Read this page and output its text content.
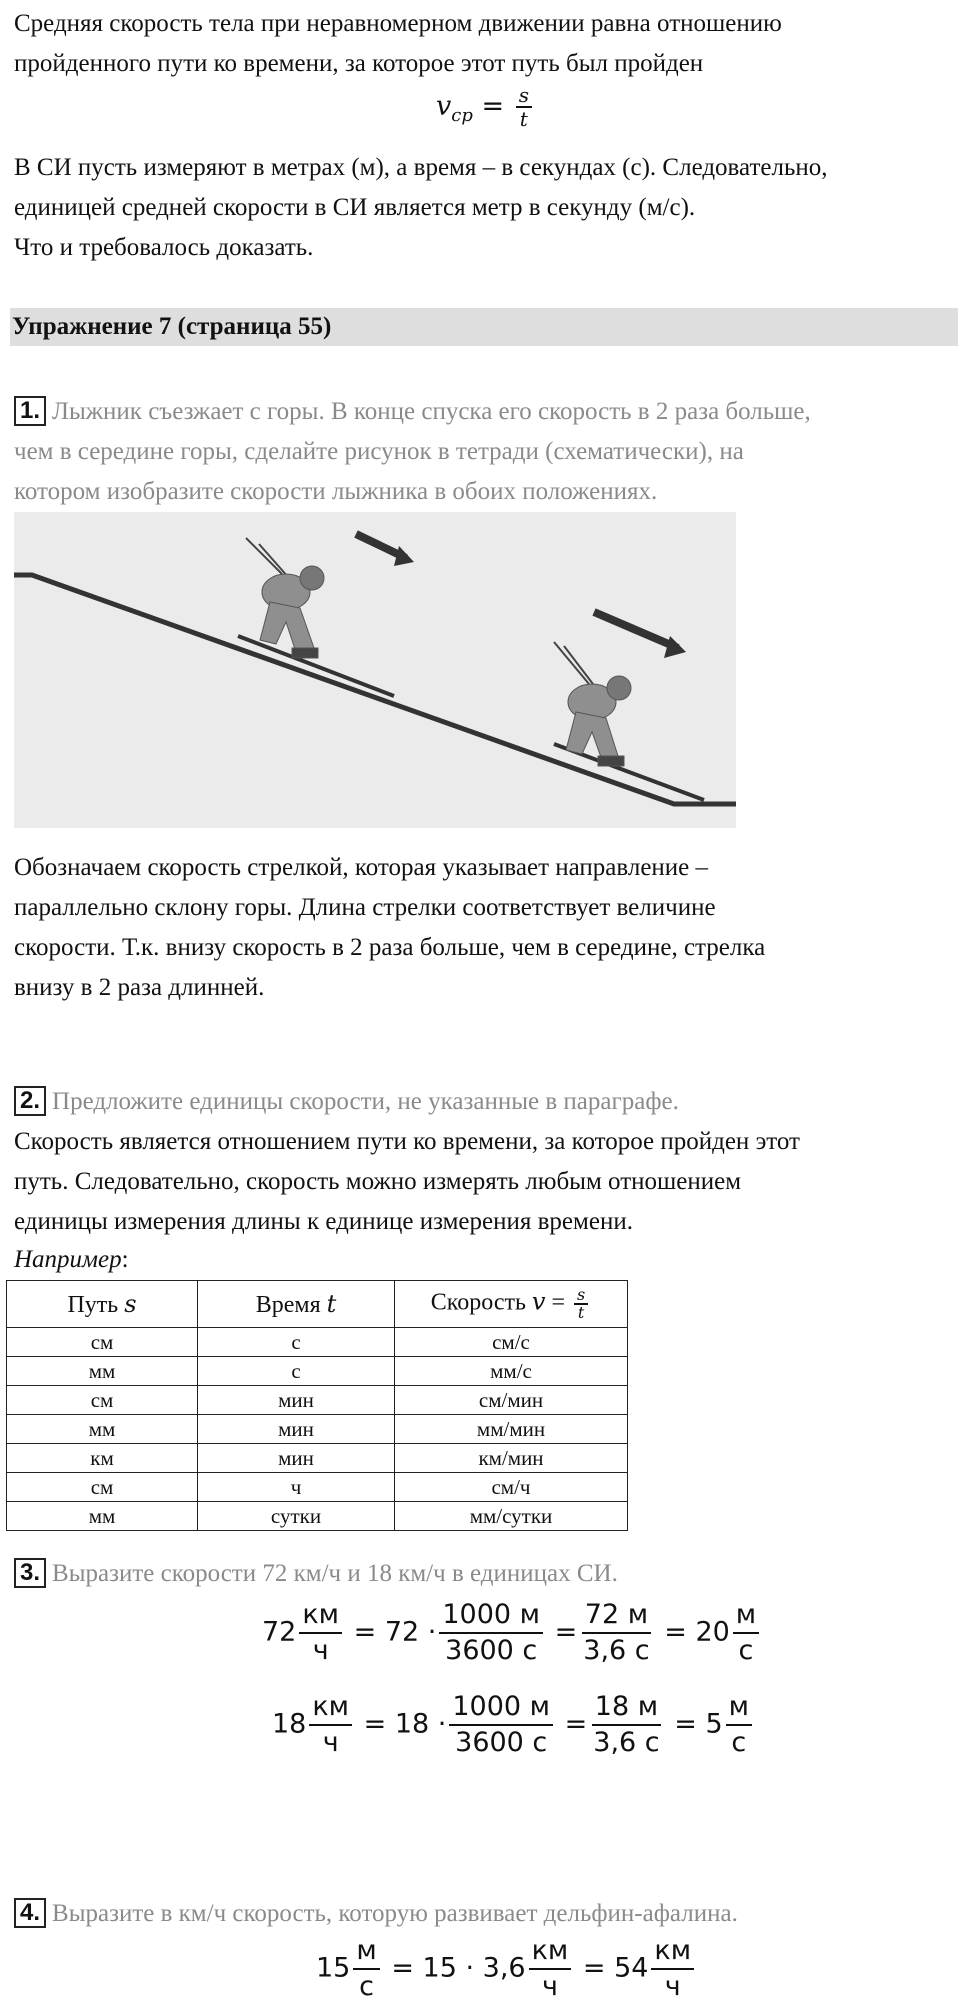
Средняя скорость тела при неравномерном движении равна отношению

пройденного пути ко времени, за которое этот путь был пройден

$v_{ср} = \frac{s}{t}$

В СИ пусть измеряют в метрах (м), а время – в секундах (с). Следовательно,

единицей средней скорости в СИ является метр в секунду (м/с).

Что и требовалось доказать.

Упражнение 7 (страница 55)

1. Лыжник съезжает с горы. В конце спуска его скорость в 2 раза больше,

чем в середине горы, сделайте рисунок в тетради (схематически), на

котором изобразите скорости лыжника в обоих положениях.

Обозначаем скорость стрелкой, которая указывает направление –

параллельно склону горы. Длина стрелки соответствует величине

скорости. Т.к. внизу скорость в 2 раза больше, чем в середине, стрелка

внизу в 2 раза длинней.

2. Предложите единицы скорости, не указанные в параграфе.

Скорость является отношением пути ко времени, за которое пройден этот

путь. Следовательно, скорость можно измерять любым отношением

единицы измерения длины к единице измерения времени.

Например:

Путь s	Время t	Скорость $v = \frac{s}{t}$

см	с	см/с
мм	с	мм/с
см	мин	см/мин
мм	мин	мм/мин
км	мин	км/мин
см	ч	см/ч
мм	сутки	мм/сутки

3. Выразите скорости 72 км/ч и 18 км/ч в единицах СИ.

$72 \frac{км}{ч} = 72 \cdot \frac{1000 м}{3600 с} = \frac{72 м}{3,6 с} = 20 \frac{м}{с}$
$18 \frac{км}{ч} = 18 \cdot \frac{1000 м}{3600 с} = \frac{18 м}{3,6 с} = 5 \frac{м}{с}$

4. Выразите в км/ч скорость, которую развивает дельфин-афалина.

$15 \frac{м}{с} = 15 \cdot 3,6 \frac{км}{ч} = 54 \frac{км}{ч}$
